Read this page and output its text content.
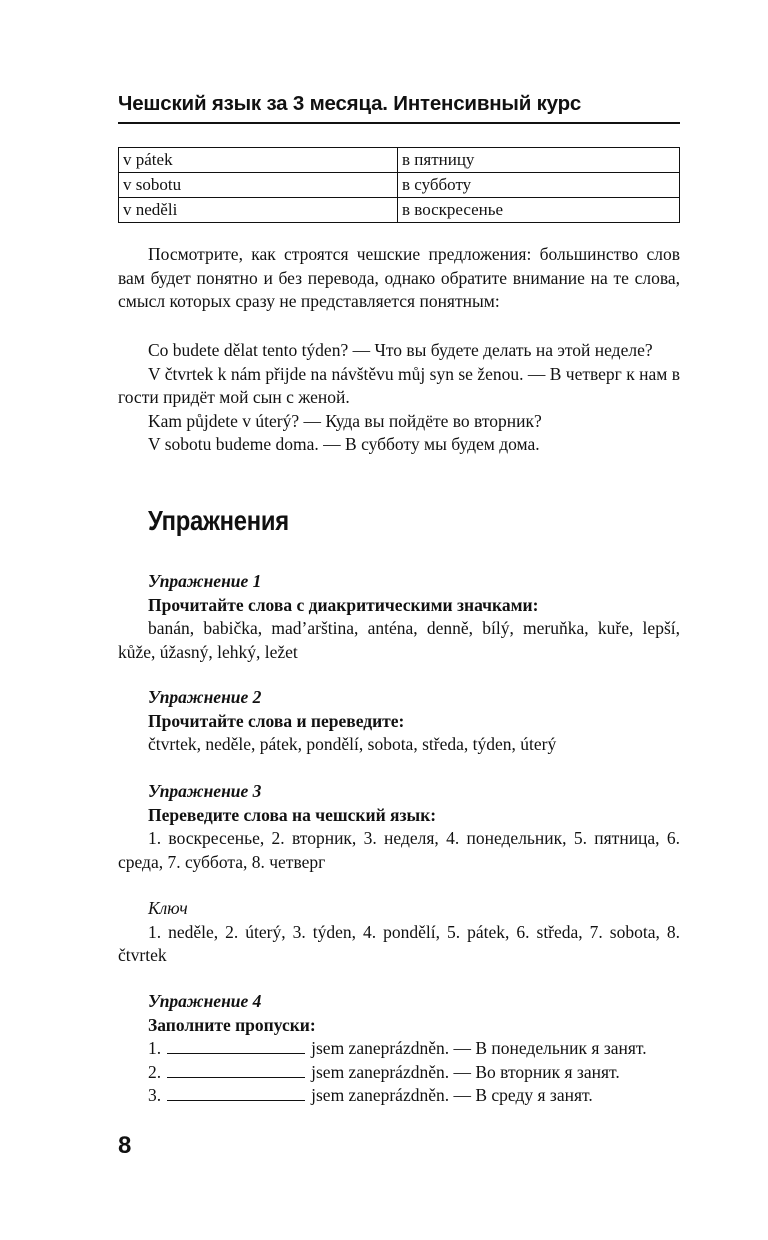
Чешский язык за 3 месяца. Интенсивный курс
v pátek	в пятницу
v sobotu	в субботу
v neděli	в воскресенье
Посмотрите, как строятся чешские предложения: большинство слов вам будет понятно и без перевода, однако обратите внимание на те слова, смысл которых сразу не представляется понятным:
Co budete dělat tento týden? — Что вы будете делать на этой неделе?
V čtvrtek k nám přijde na návštěvu můj syn se ženou. — В четверг к нам в гости придёт мой сын с женой.
Kam půjdete v úterý? — Куда вы пойдёте во вторник?
V sobotu budeme doma. — В субботу мы будем дома.
Упражнения
Упражнение 1
Прочитайте слова с диакритическими значками:
banán, babička, mad’arština, anténa, denně, bílý, meruňka, kuře, lepší, kůže, úžasný, lehký, ležet
Упражнение 2
Прочитайте слова и переведите:
čtvrtek, neděle, pátek, pondělí, sobota, středa, týden, úterý
Упражнение 3
Переведите слова на чешский язык:
1. воскресенье, 2. вторник, 3. неделя, 4. понедельник, 5. пятница, 6. среда, 7. суббота, 8. четверг
Ключ
1. neděle, 2. úterý, 3. týden, 4. pondělí, 5. pátek, 6. středa, 7. sobota, 8. čtvrtek
Упражнение 4
Заполните пропуски:
1.	jsem zaneprázdněn. — В понедельник я занят.
2.	jsem zaneprázdněn. — Во вторник я занят.
3.	jsem zaneprázdněn. — В среду я занят.
8
